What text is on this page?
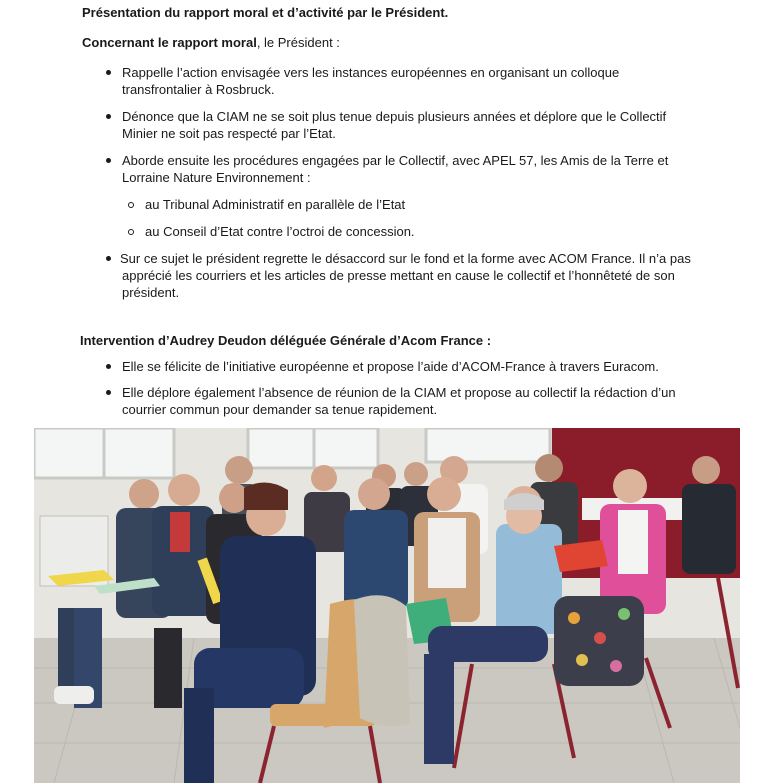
Présentation du rapport moral et d’activité par le Président.
Concernant le rapport moral, le Président :
Rappelle l’action envisagée vers les instances européennes en organisant un colloque
transfrontalier à Rosbruck.
Dénonce que la CIAM ne se soit plus tenue depuis plusieurs années et déplore que le Collectif
Minier ne soit pas respecté par l’Etat.
Aborde ensuite les procédures engagées par le Collectif, avec APEL 57, les Amis de la Terre et
Lorraine Nature Environnement :
au Tribunal Administratif en parallèle de l’Etat
au Conseil d’Etat contre l’octroi de concession.
Sur ce sujet le président regrette le désaccord sur le fond et la forme avec ACOM France. Il n’a pas
apprécié les courriers et les articles de presse mettant en cause le collectif et l’honnêteté de son
président.
Intervention d’Audrey Deudon déléguée Générale d’Acom France :
Elle se félicite de l’initiative européenne et propose l’aide d’ACOM-France à travers Euracom.
Elle déplore également l’absence de réunion de la CIAM et propose au collectif la rédaction d’un
courrier commun pour demander sa tenue rapidement.
